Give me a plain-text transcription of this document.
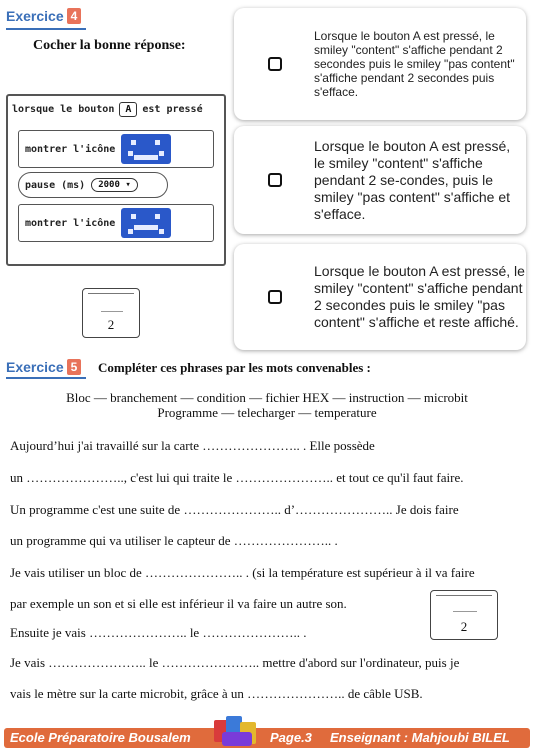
Exercice 4
Cocher la bonne réponse:
lorsque le bouton	A	est pressé
montrer l'icône
pause (ms)	2000 ▾
montrer l'icône
2
Lorsque le bouton A est pressé, le smiley "content" s'affiche pendant 2 secondes puis le smiley "pas content" s'affiche pendant 2 secondes puis s'efface.
Lorsque le bouton A est pressé, le smiley "content" s'affiche pendant 2 se-condes, puis le smiley "pas content" s'affiche et s'efface.
Lorsque le bouton A est pressé, le smiley "content" s'affiche pendant 2 secondes puis le smiley "pas content" s'affiche et reste affiché.
Exercice 5	Compléter ces phrases par les mots convenables :
Bloc — branchement — condition — fichier HEX — instruction — microbit
Programme — telecharger — temperature
Aujourd’hui j'ai travaillé sur la carte ………………….. . Elle possède
un ………………….., c'est lui qui traite le ………………….. et tout ce qu'il faut faire.
Un programme c'est une suite de ………………….. d’………………….. Je dois faire
un programme qui va utiliser le capteur de ………………….. .
Je vais utiliser un bloc de ………………….. . (si la température est supérieur à il va faire
par exemple un son et si elle est inférieur il va faire un autre son.
Ensuite je vais ………………….. le ………………….. .
Je vais ………………….. le ………………….. mettre d'abord sur l'ordinateur, puis je
vais le mètre sur la carte microbit, grâce à un ………………….. de câble USB.
2
Ecole Préparatoire Bousalem	Page.3 Enseignant : Mahjoubi BILEL
